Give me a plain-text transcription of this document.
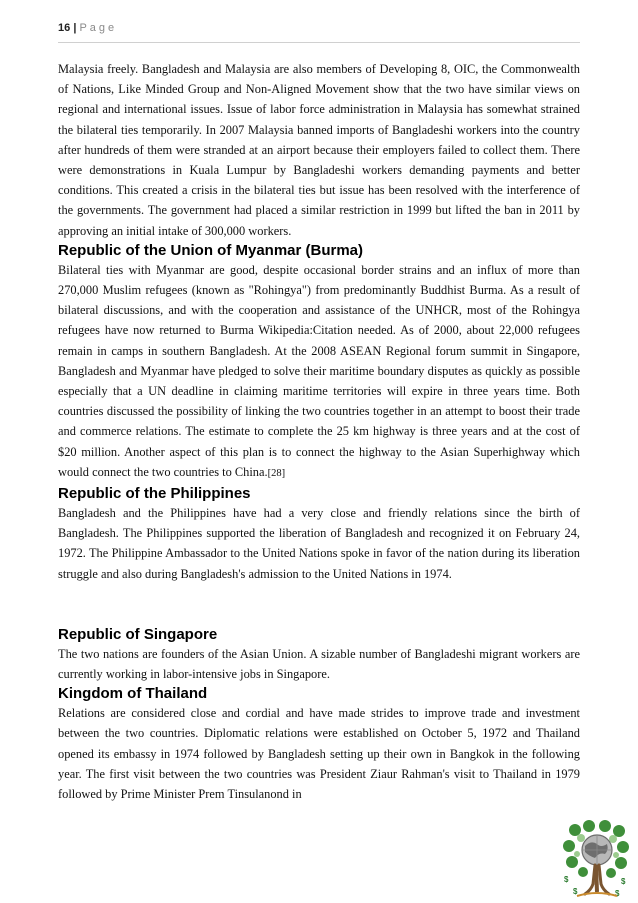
16 | Page

Malaysia freely. Bangladesh and Malaysia are also members of Developing 8, OIC, the Commonwealth of Nations, Like Minded Group and Non-Aligned Movement show that the two have similar views on regional and international issues. Issue of labor force administration in Malaysia has somewhat strained the bilateral ties temporarily. In 2007 Malaysia banned imports of Bangladeshi workers into the country after hundreds of them were stranded at an airport because their employers failed to collect them. There were demonstrations in Kuala Lumpur by Bangladeshi workers demanding payments and better conditions. This created a crisis in the bilateral ties but issue has been resolved with the interference of the governments. The government had placed a similar restriction in 1999 but lifted the ban in 2011 by approving an initial intake of 300,000 workers.

Republic of the Union of Myanmar (Burma)

Bilateral ties with Myanmar are good, despite occasional border strains and an influx of more than 270,000 Muslim refugees (known as "Rohingya") from predominantly Buddhist Burma. As a result of bilateral discussions, and with the cooperation and assistance of the UNHCR, most of the Rohingya refugees have now returned to Burma Wikipedia:Citation needed. As of 2000, about 22,000 refugees remain in camps in southern Bangladesh. At the 2008 ASEAN Regional forum summit in Singapore, Bangladesh and Myanmar have pledged to solve their maritime boundary disputes as quickly as possible especially that a UN deadline in claiming maritime territories will expire in three years time. Both countries discussed the possibility of linking the two countries together in an attempt to boost their trade and commerce relations. The estimate to complete the 25 km highway is three years and at the cost of $20 million. Another aspect of this plan is to connect the highway to the Asian Superhighway which would connect the two countries to China.[28]

Republic of the Philippines

Bangladesh and the Philippines have had a very close and friendly relations since the birth of Bangladesh. The Philippines supported the liberation of Bangladesh and recognized it on February 24, 1972. The Philippine Ambassador to the United Nations spoke in favor of the nation during its liberation struggle and also during Bangladesh's admission to the United Nations in 1974.

Republic of Singapore

The two nations are founders of the Asian Union. A sizable number of Bangladeshi migrant workers are currently working in labor-intensive jobs in Singapore.

Kingdom of Thailand

Relations are considered close and cordial and have made strides to improve trade and investment between the two countries. Diplomatic relations were established on October 5, 1972 and Thailand opened its embassy in 1974 followed by Bangladesh setting up their own in Bangkok in the following year. The first visit between the two countries was President Ziaur Rahman's visit to Thailand in 1979 followed by Prime Minister Prem Tinsulanond in

$	$
$	$
